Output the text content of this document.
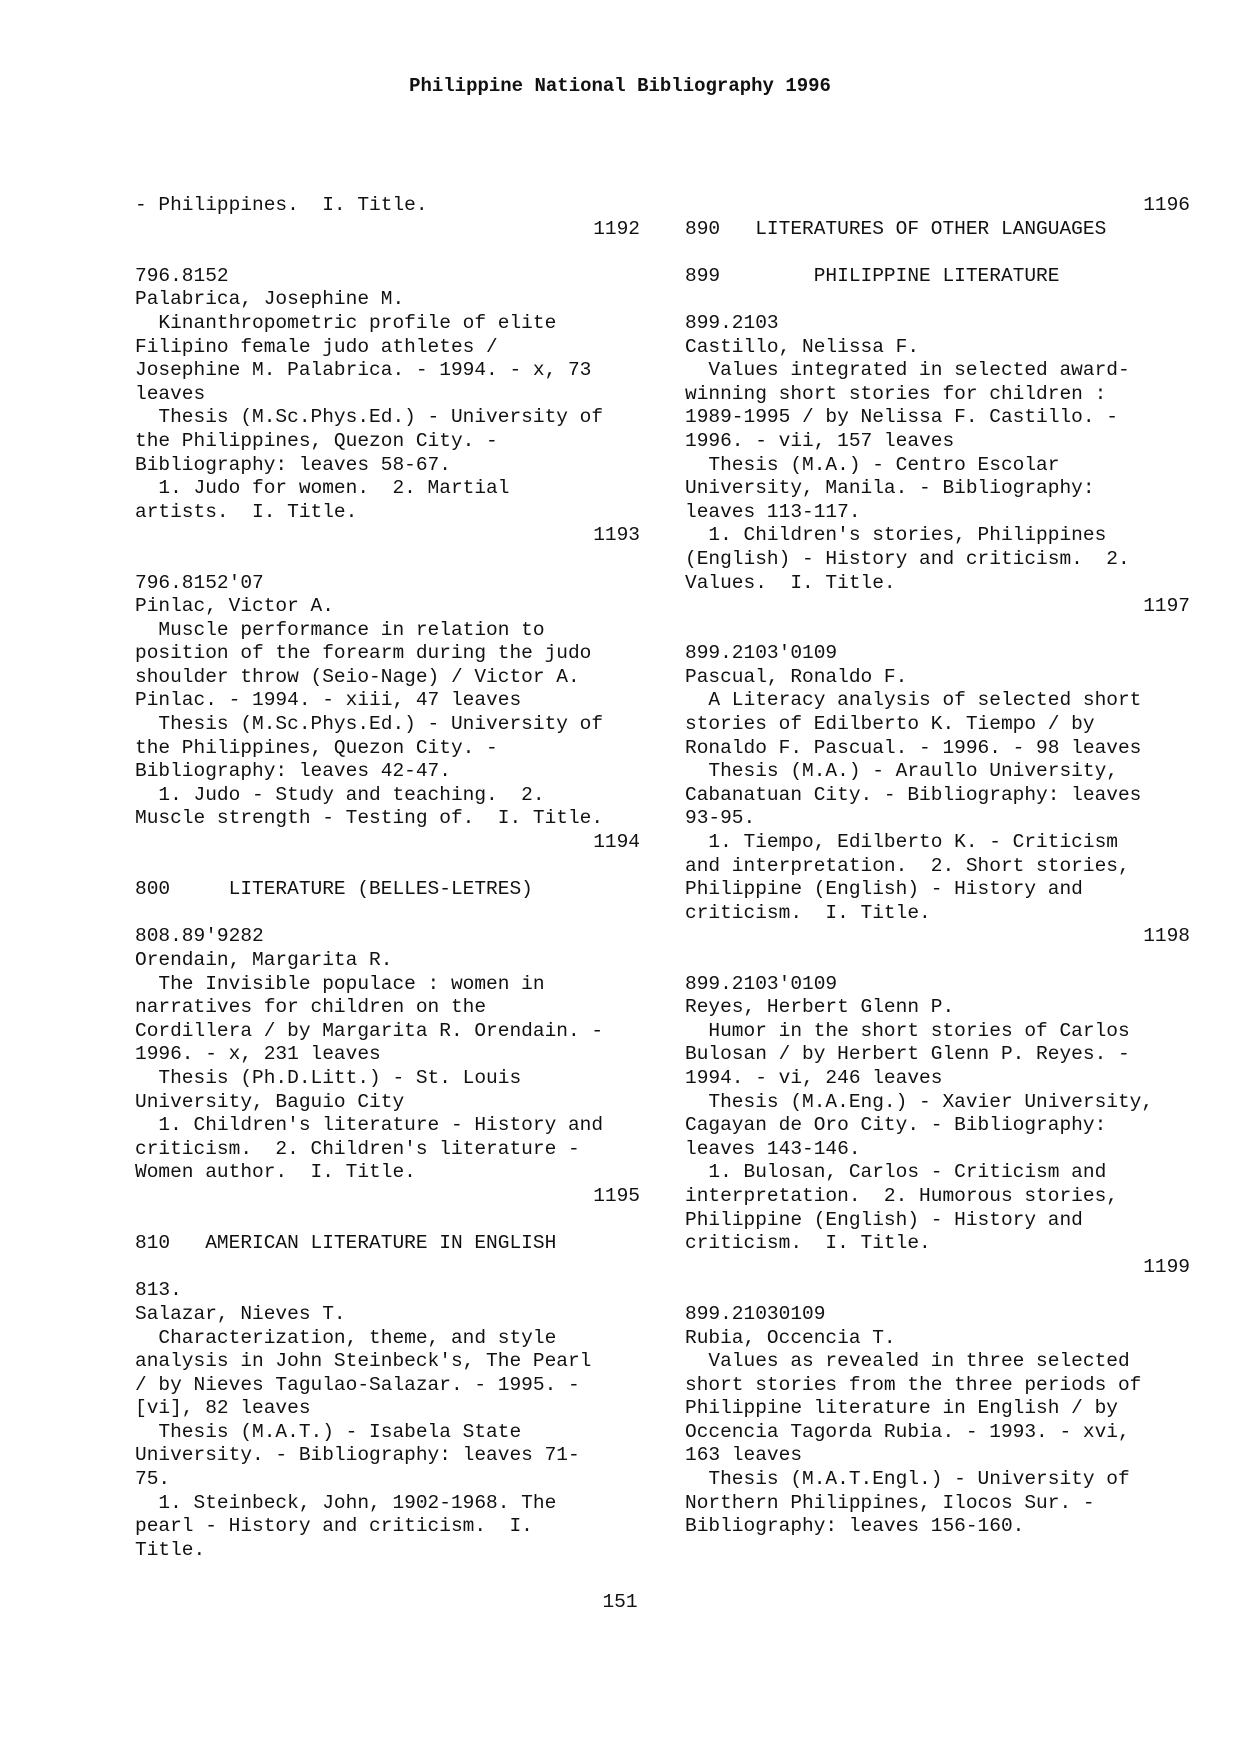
Philippine National Bibliography 1996
- Philippines.  I. Title.
1192
796.8152
Palabrica, Josephine M.
Kinanthropometric profile of elite
Filipino female judo athletes /
Josephine M. Palabrica. - 1994. - x, 73
leaves
Thesis (M.Sc.Phys.Ed.) - University of
the Philippines, Quezon City. -
Bibliography: leaves 58-67.
1. Judo for women.  2. Martial
artists.  I. Title.
1193
796.8152'07
Pinlac, Victor A.
Muscle performance in relation to
position of the forearm during the judo
shoulder throw (Seio-Nage) / Victor A.
Pinlac. - 1994. - xiii, 47 leaves
Thesis (M.Sc.Phys.Ed.) - University of
the Philippines, Quezon City. -
Bibliography: leaves 42-47.
1. Judo - Study and teaching.  2.
Muscle strength - Testing of.  I. Title.
1194
800     LITERATURE (BELLES-LETRES)
808.89'9282
Orendain, Margarita R.
The Invisible populace : women in
narratives for children on the
Cordillera / by Margarita R. Orendain. -
1996. - x, 231 leaves
Thesis (Ph.D.Litt.) - St. Louis
University, Baguio City
1. Children's literature - History and
criticism.  2. Children's literature -
Women author.  I. Title.
1195
810   AMERICAN LITERATURE IN ENGLISH
813.
Salazar, Nieves T.
Characterization, theme, and style
analysis in John Steinbeck's, The Pearl
/ by Nieves Tagulao-Salazar. - 1995. -
[vi], 82 leaves
Thesis (M.A.T.) - Isabela State
University. - Bibliography: leaves 71-
75.
1. Steinbeck, John, 1902-1968. The
pearl - History and criticism.  I.
Title.
1196
890   LITERATURES OF OTHER LANGUAGES
899        PHILIPPINE LITERATURE
899.2103
Castillo, Nelissa F.
Values integrated in selected award-
winning short stories for children :
1989-1995 / by Nelissa F. Castillo. -
1996. - vii, 157 leaves
Thesis (M.A.) - Centro Escolar
University, Manila. - Bibliography:
leaves 113-117.
1. Children's stories, Philippines
(English) - History and criticism.  2.
Values.  I. Title.
1197
899.2103'0109
Pascual, Ronaldo F.
A Literacy analysis of selected short
stories of Edilberto K. Tiempo / by
Ronaldo F. Pascual. - 1996. - 98 leaves
Thesis (M.A.) - Araullo University,
Cabanatuan City. - Bibliography: leaves
93-95.
1. Tiempo, Edilberto K. - Criticism
and interpretation.  2. Short stories,
Philippine (English) - History and
criticism.  I. Title.
1198
899.2103'0109
Reyes, Herbert Glenn P.
Humor in the short stories of Carlos
Bulosan / by Herbert Glenn P. Reyes. -
1994. - vi, 246 leaves
Thesis (M.A.Eng.) - Xavier University,
Cagayan de Oro City. - Bibliography:
leaves 143-146.
1. Bulosan, Carlos - Criticism and
interpretation.  2. Humorous stories,
Philippine (English) - History and
criticism.  I. Title.
1199
899.21030109
Rubia, Occencia T.
Values as revealed in three selected
short stories from the three periods of
Philippine literature in English / by
Occencia Tagorda Rubia. - 1993. - xvi,
163 leaves
Thesis (M.A.T.Engl.) - University of
Northern Philippines, Ilocos Sur. -
Bibliography: leaves 156-160.
151
